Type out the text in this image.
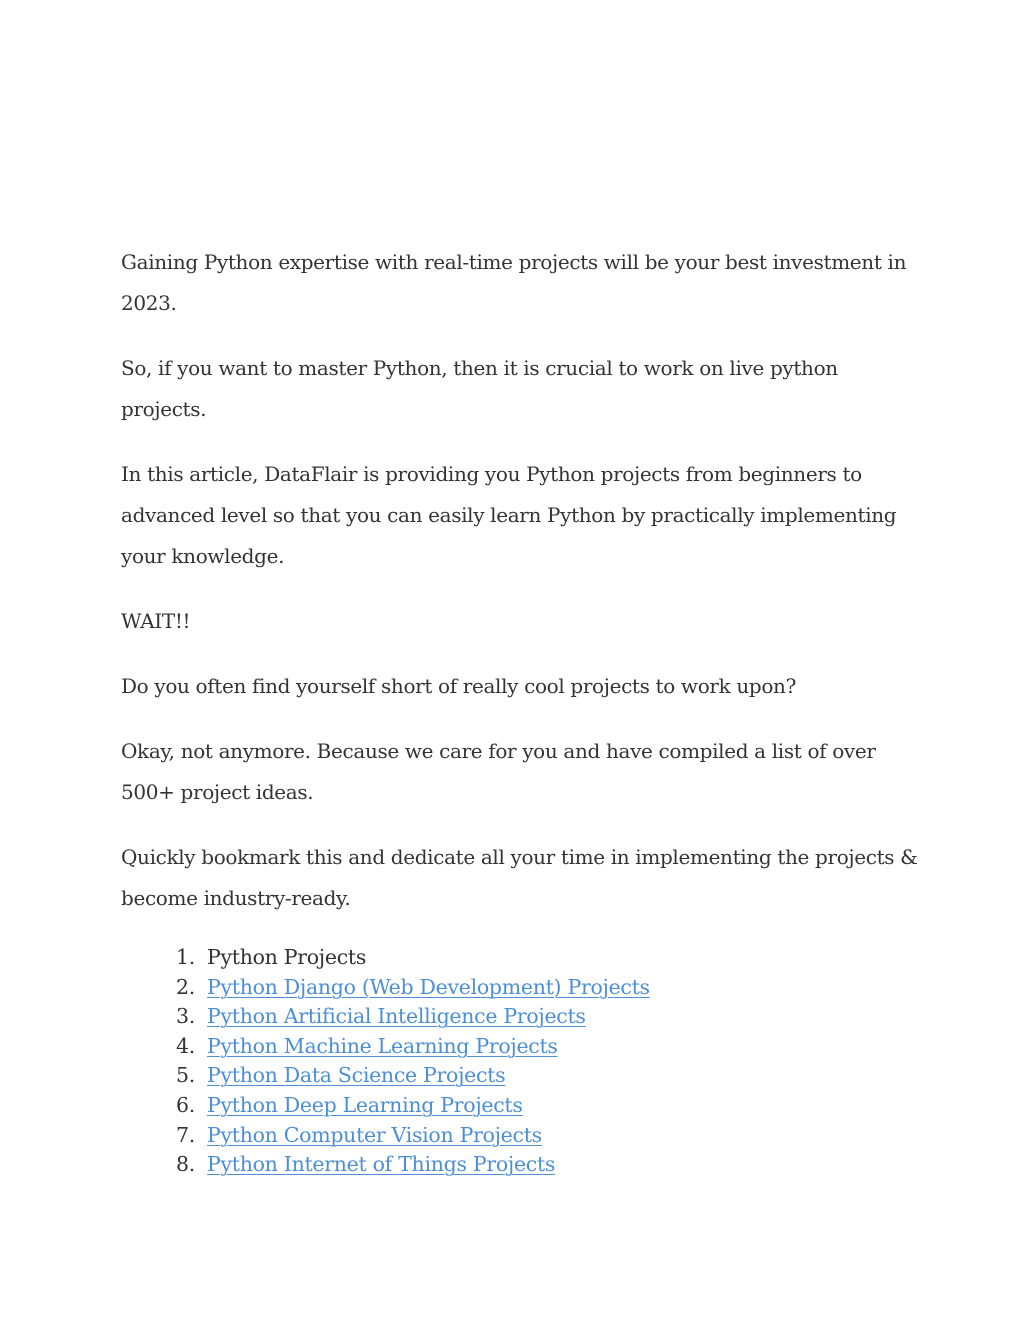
Gaining Python expertise with real-time projects will be your best investment in 2023.

So, if you want to master Python, then it is crucial to work on live python projects.

In this article, DataFlair is providing you Python projects from beginners to advanced level so that you can easily learn Python by practically implementing your knowledge.

WAIT!!

Do you often find yourself short of really cool projects to work upon?

Okay, not anymore. Because we care for you and have compiled a list of over 500+ project ideas.

Quickly bookmark this and dedicate all your time in implementing the projects & become industry-ready.

1. Python Projects
2. Python Django (Web Development) Projects
3. Python Artificial Intelligence Projects
4. Python Machine Learning Projects
5. Python Data Science Projects
6. Python Deep Learning Projects
7. Python Computer Vision Projects
8. Python Internet of Things Projects
